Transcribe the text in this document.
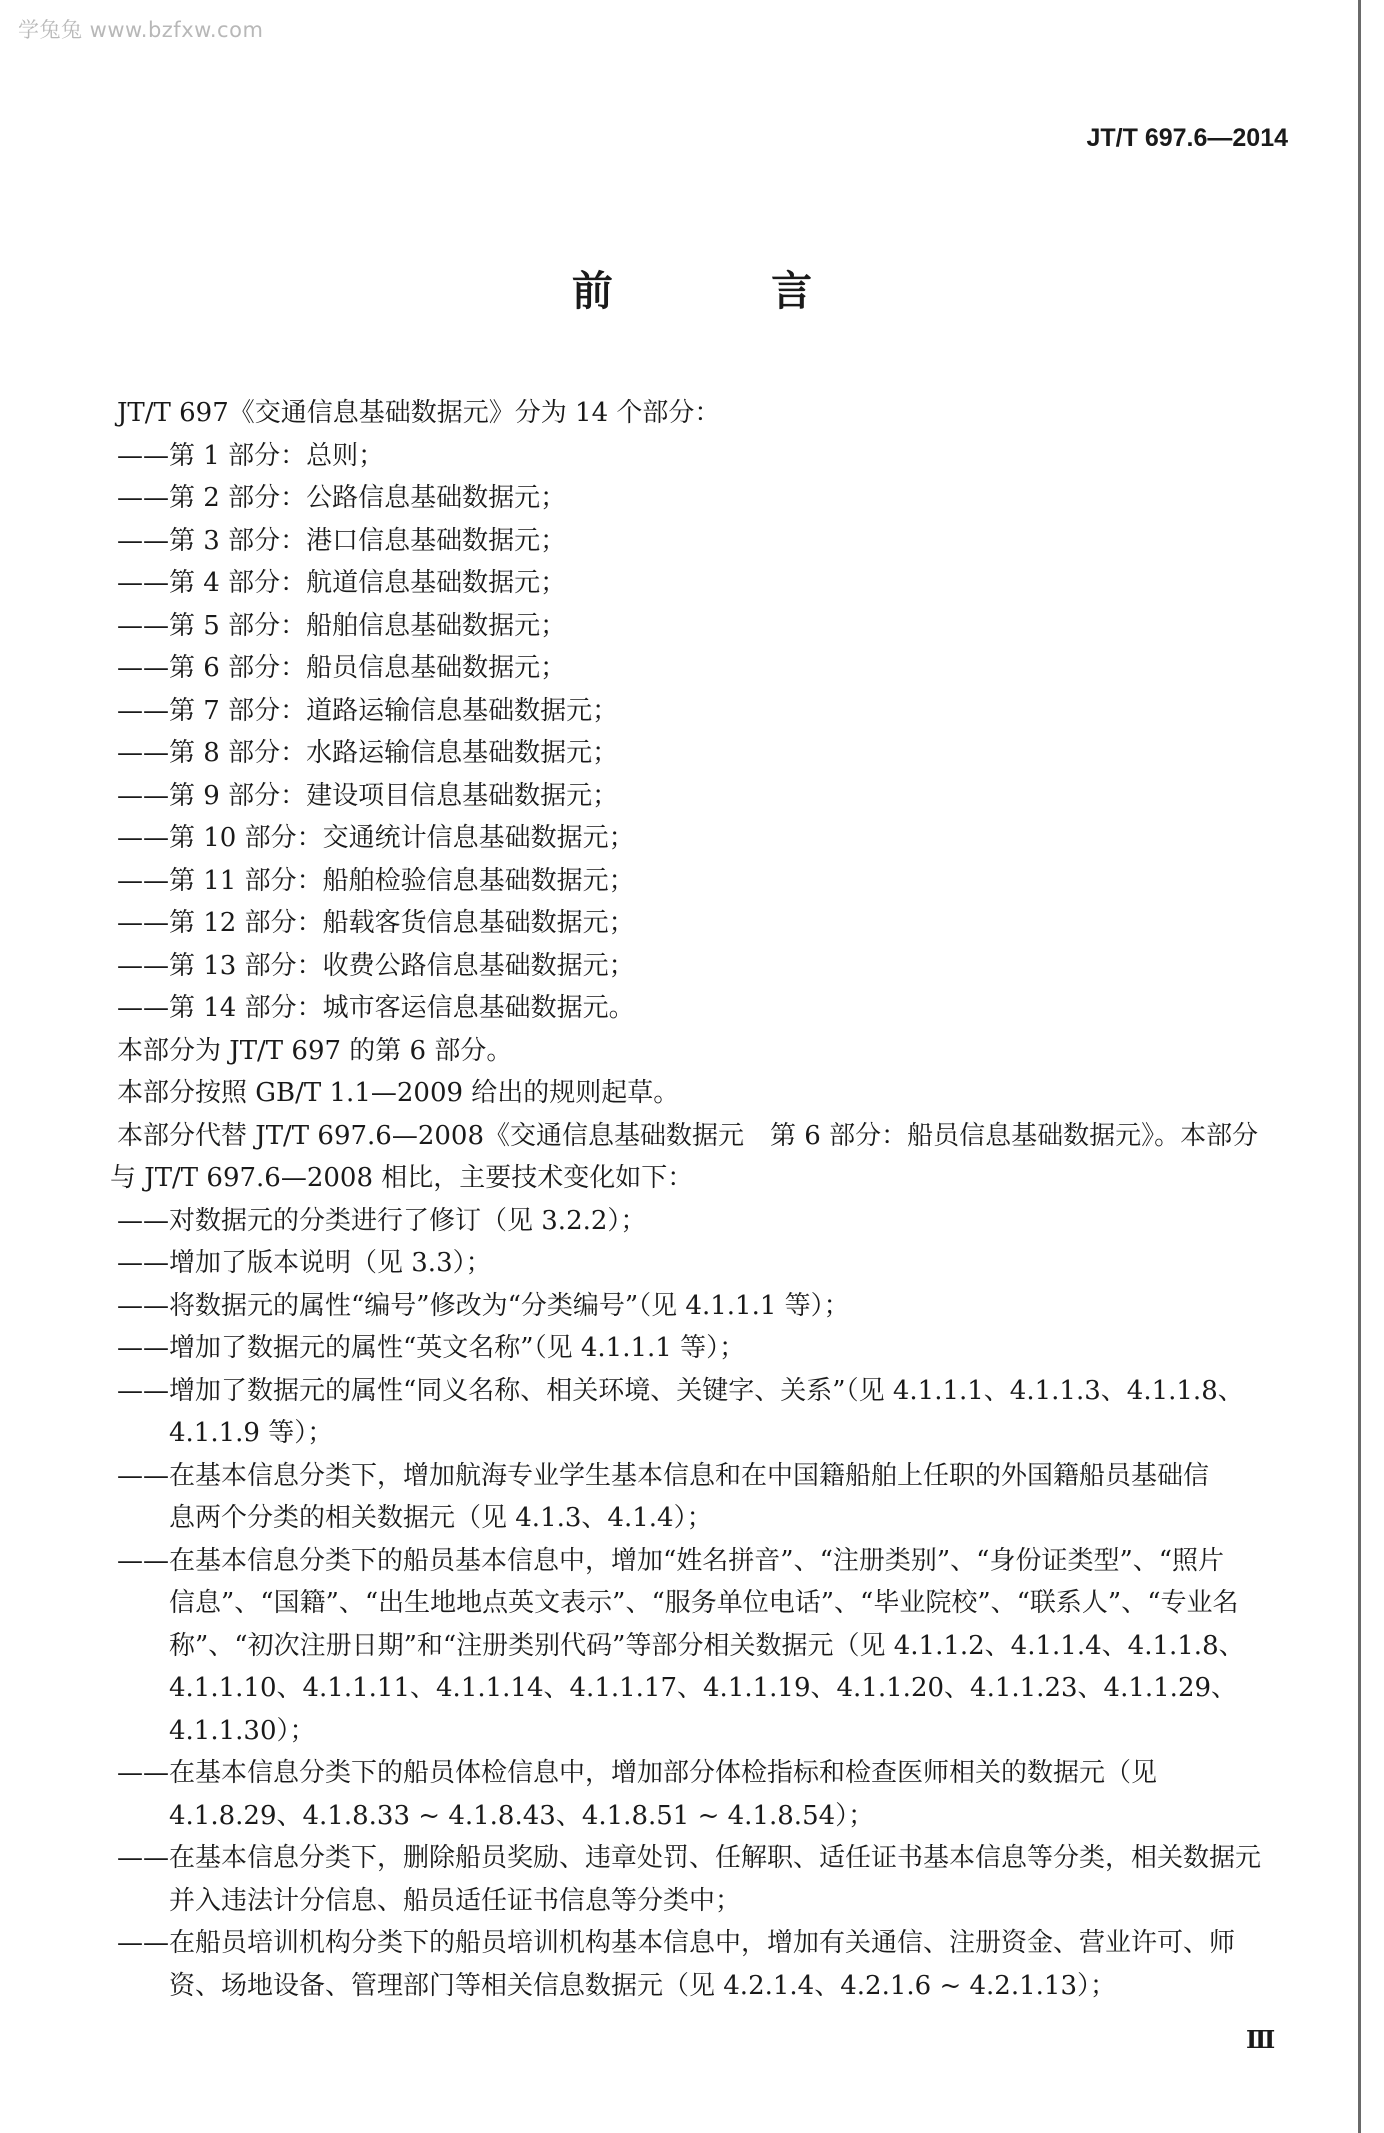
学兔兔 www.bzfxw.com
JT/T 697.6—2014
前 言
JT/T 697《交通信息基础数据元》分为 14 个部分：
——第 1 部分：总则；
——第 2 部分：公路信息基础数据元；
——第 3 部分：港口信息基础数据元；
——第 4 部分：航道信息基础数据元；
——第 5 部分：船舶信息基础数据元；
——第 6 部分：船员信息基础数据元；
——第 7 部分：道路运输信息基础数据元；
——第 8 部分：水路运输信息基础数据元；
——第 9 部分：建设项目信息基础数据元；
——第 10 部分：交通统计信息基础数据元；
——第 11 部分：船舶检验信息基础数据元；
——第 12 部分：船载客货信息基础数据元；
——第 13 部分：收费公路信息基础数据元；
——第 14 部分：城市客运信息基础数据元。
本部分为 JT/T 697 的第 6 部分。
本部分按照 GB/T 1.1—2009 给出的规则起草。
本部分代替 JT/T 697.6—2008《交通信息基础数据元　第 6 部分：船员信息基础数据元》。本部分
与 JT/T 697.6—2008 相比，主要技术变化如下：
——对数据元的分类进行了修订（见 3.2.2）；
——增加了版本说明（见 3.3）；
——将数据元的属性“编号”修改为“分类编号”（见 4.1.1.1 等）；
——增加了数据元的属性“英文名称”（见 4.1.1.1 等）；
——增加了数据元的属性“同义名称、相关环境、关键字、关系”（见 4.1.1.1、4.1.1.3、4.1.1.8、
4.1.1.9 等）；
——在基本信息分类下，增加航海专业学生基本信息和在中国籍船舶上任职的外国籍船员基础信
息两个分类的相关数据元（见 4.1.3、4.1.4）；
——在基本信息分类下的船员基本信息中，增加“姓名拼音”、“注册类别”、“身份证类型”、“照片
信息”、“国籍”、“出生地地点英文表示”、“服务单位电话”、“毕业院校”、“联系人”、“专业名
称”、“初次注册日期”和“注册类别代码”等部分相关数据元（见 4.1.1.2、4.1.1.4、4.1.1.8、
4.1.1.10、4.1.1.11、4.1.1.14、4.1.1.17、4.1.1.19、4.1.1.20、4.1.1.23、4.1.1.29、
4.1.1.30）；
——在基本信息分类下的船员体检信息中，增加部分体检指标和检查医师相关的数据元（见
4.1.8.29、4.1.8.33 ~ 4.1.8.43、4.1.8.51 ~ 4.1.8.54）；
——在基本信息分类下，删除船员奖励、违章处罚、任解职、适任证书基本信息等分类，相关数据元
并入违法计分信息、船员适任证书信息等分类中；
——在船员培训机构分类下的船员培训机构基本信息中，增加有关通信、注册资金、营业许可、师
资、场地设备、管理部门等相关信息数据元（见 4.2.1.4、4.2.1.6 ~ 4.2.1.13）；
Ⅲ
